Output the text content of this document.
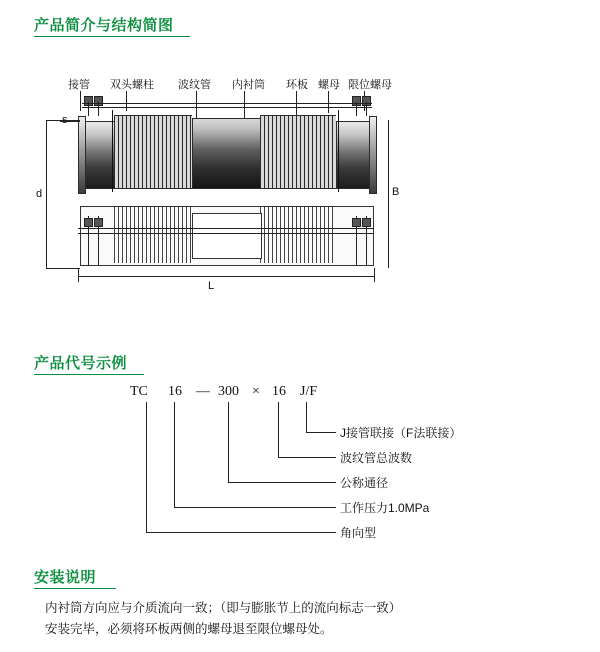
产品简介与结构简图
接管 双头螺柱 波纹管 内衬筒 环板 螺母 限位螺母
d	B
L
产品代号示例
TC 16 — 300 × 16 J/F
J接管联接（F法联接）
波纹管总波数
公称通径
工作压力1.0MPa
角向型
安装说明
内衬筒方向应与介质流向一致；（即与膨胀节上的流向标志一致）
安装完毕，必须将环板两侧的螺母退至限位螺母处。
